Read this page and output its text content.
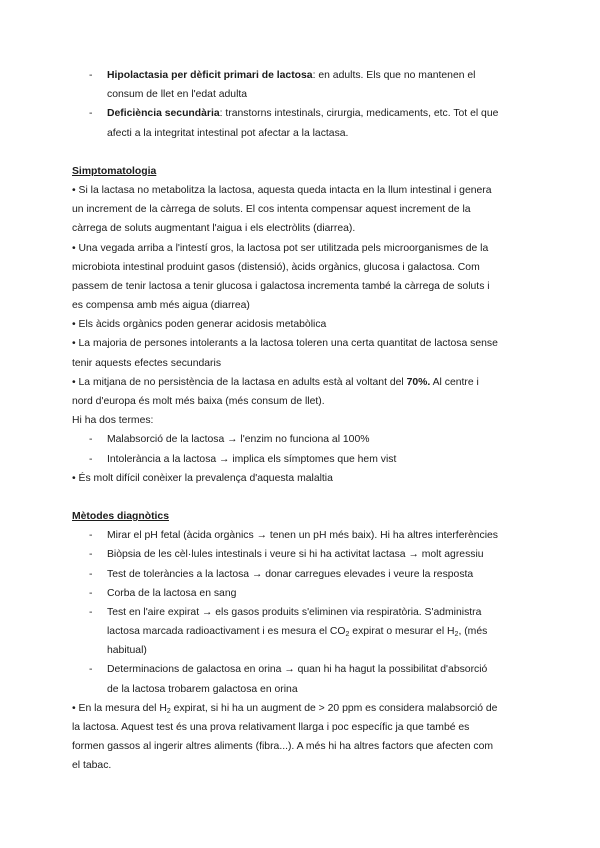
- Hipolactasia per dèficit primari de lactosa: en adults. Els que no mantenen el
consum de llet en l'edat adulta
- Deficiència secundària: transtorns intestinals, cirurgia, medicaments, etc. Tot el que
afecti a la integritat intestinal pot afectar a la lactasa.
Simptomatologia
• Si la lactasa no metabolitza la lactosa, aquesta queda intacta en la llum intestinal i genera
un increment de la càrrega de soluts. El cos intenta compensar aquest increment de la
càrrega de soluts augmentant l'aigua i els electròlits (diarrea).
• Una vegada arriba a l'intestí gros, la lactosa pot ser utilitzada pels microorganismes de la
microbiota intestinal produint gasos (distensió), àcids orgànics, glucosa i galactosa. Com
passem de tenir lactosa a tenir glucosa i galactosa incrementa també la càrrega de soluts i
es compensa amb més aigua (diarrea)
• Els àcids orgànics poden generar acidosis metabòlica
• La majoria de persones intolerants a la lactosa toleren una certa quantitat de lactosa sense
tenir aquests efectes secundaris
• La mitjana de no persistència de la lactasa en adults està al voltant del 70%. Al centre i
nord d'europa és molt més baixa (més consum de llet).
Hi ha dos termes:
- Malabsorció de la lactosa → l'enzim no funciona al 100%
- Intolerància a la lactosa → implica els símptomes que hem vist
• És molt difícil conèixer la prevalença d'aquesta malaltia
Mètodes diagnòtics
- Mirar el pH fetal (àcida orgànics → tenen un pH més baix). Hi ha altres interferències
- Biòpsia de les cèl·lules intestinals i veure si hi ha activitat lactasa → molt agressiu
- Test de toleràncies a la lactosa → donar carregues elevades i veure la resposta
- Corba de la lactosa en sang
- Test en l'aire expirat → els gasos produits s'eliminen via respiratòria. S'administra
lactosa marcada radioactivament i es mesura el $CO_2$ expirat o mesurar el $H_2$, (més
habitual)
- Determinacions de galactosa en orina → quan hi ha hagut la possibilitat d'absorció
de la lactosa trobarem galactosa en orina
• En la mesura del $H_2$ expirat, si hi ha un augment de > 20 ppm es considera malabsorció de
la lactosa. Aquest test és una prova relativament llarga i poc específic ja que també es
formen gassos al ingerir altres aliments (fibra...). A més hi ha altres factors que afecten com
el tabac.
